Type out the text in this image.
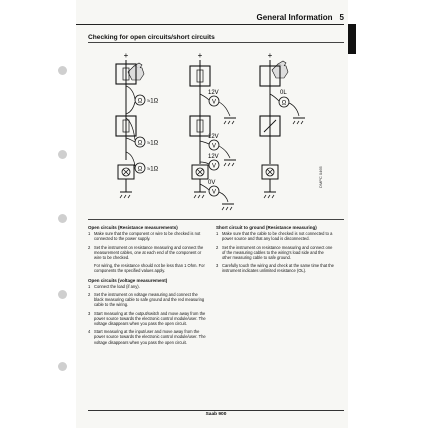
General Information 5
Checking for open circuits/short circuits
+
Ω ≈1Ω
Ω ≈1Ω
Ω ≈1Ω
+
12V
V
12V
V
12V
V
0V
V
+
0L
Ω
DMPC 0465
Open circuits (Resistance measurements)
1 Make sure that the component or wire to be checked is not connected to the power supply.
2 Set the instrument on resistance measuring and connect the measurement cables, one at each end of the component or wire to be checked.
For wiring, the resistance should not be less than 1 Ohm. For components the specified values apply.
Open circuits (voltage measurement)
1 Connect the load (if any).
2 Set the instrument on voltage measuring and connect the black measuring cable to safe ground and the red measuring cable to the wiring.
3 Start measuring at the output/switch and move away from the power source towards the electronic control module/user. The voltage disappears when you pass the open circuit.
4 Start measuring at the input/user and move away from the power source towards the electronic control module/user. The voltage disappears when you pass the open circuit.
Short circuit to ground (Resistance measuring)
1 Make sure that the cable to be checked is not connected to a power source and that any load is disconnected.
2 Set the instrument on resistance measuring and connect one of the measuring cables to the wiring's load side and the other measuring cable to safe ground.
3 Carefully touch the wiring and check at the same time that the instrument indicates unlimited resistance (OL).
Saab 900
